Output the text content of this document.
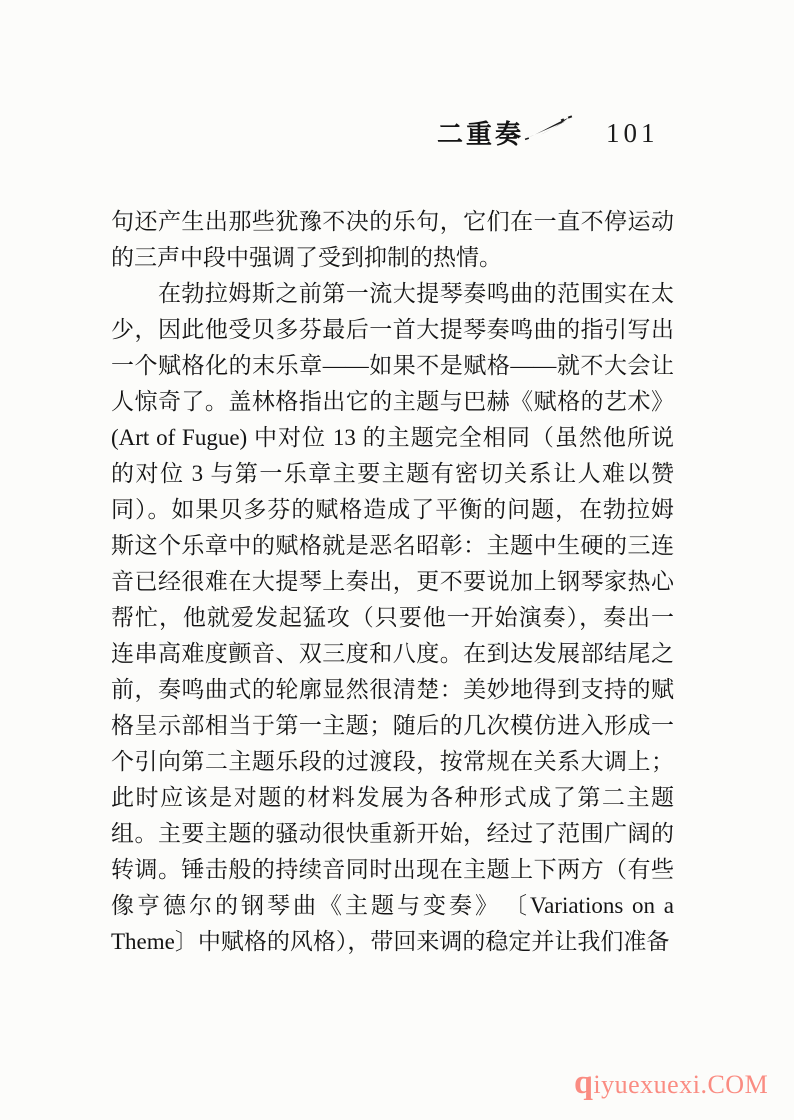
二重奏	101
句还产生出那些犹豫不决的乐句，它们在一直不停运动
的三声中段中强调了受到抑制的热情。
　　在勃拉姆斯之前第一流大提琴奏鸣曲的范围实在太
少，因此他受贝多芬最后一首大提琴奏鸣曲的指引写出
一个赋格化的末乐章——如果不是赋格——就不大会让
人惊奇了。盖林格指出它的主题与巴赫《赋格的艺术》
(Art of Fugue) 中对位 13 的主题完全相同（虽然他所说
的对位 3 与第一乐章主要主题有密切关系让人难以赞
同）。如果贝多芬的赋格造成了平衡的问题，在勃拉姆
斯这个乐章中的赋格就是恶名昭彰：主题中生硬的三连
音已经很难在大提琴上奏出，更不要说加上钢琴家热心
帮忙，他就爱发起猛攻（只要他一开始演奏），奏出一
连串高难度颤音、双三度和八度。在到达发展部结尾之
前，奏鸣曲式的轮廓显然很清楚：美妙地得到支持的赋
格呈示部相当于第一主题；随后的几次模仿进入形成一
个引向第二主题乐段的过渡段，按常规在关系大调上；
此时应该是对题的材料发展为各种形式成了第二主题
组。主要主题的骚动很快重新开始，经过了范围广阔的
转调。锤击般的持续音同时出现在主题上下两方（有些
像亨德尔的钢琴曲《主题与变奏》　〔Variations on a
Theme〕中赋格的风格），带回来调的稳定并让我们准备
qiyuexuexi.COM
